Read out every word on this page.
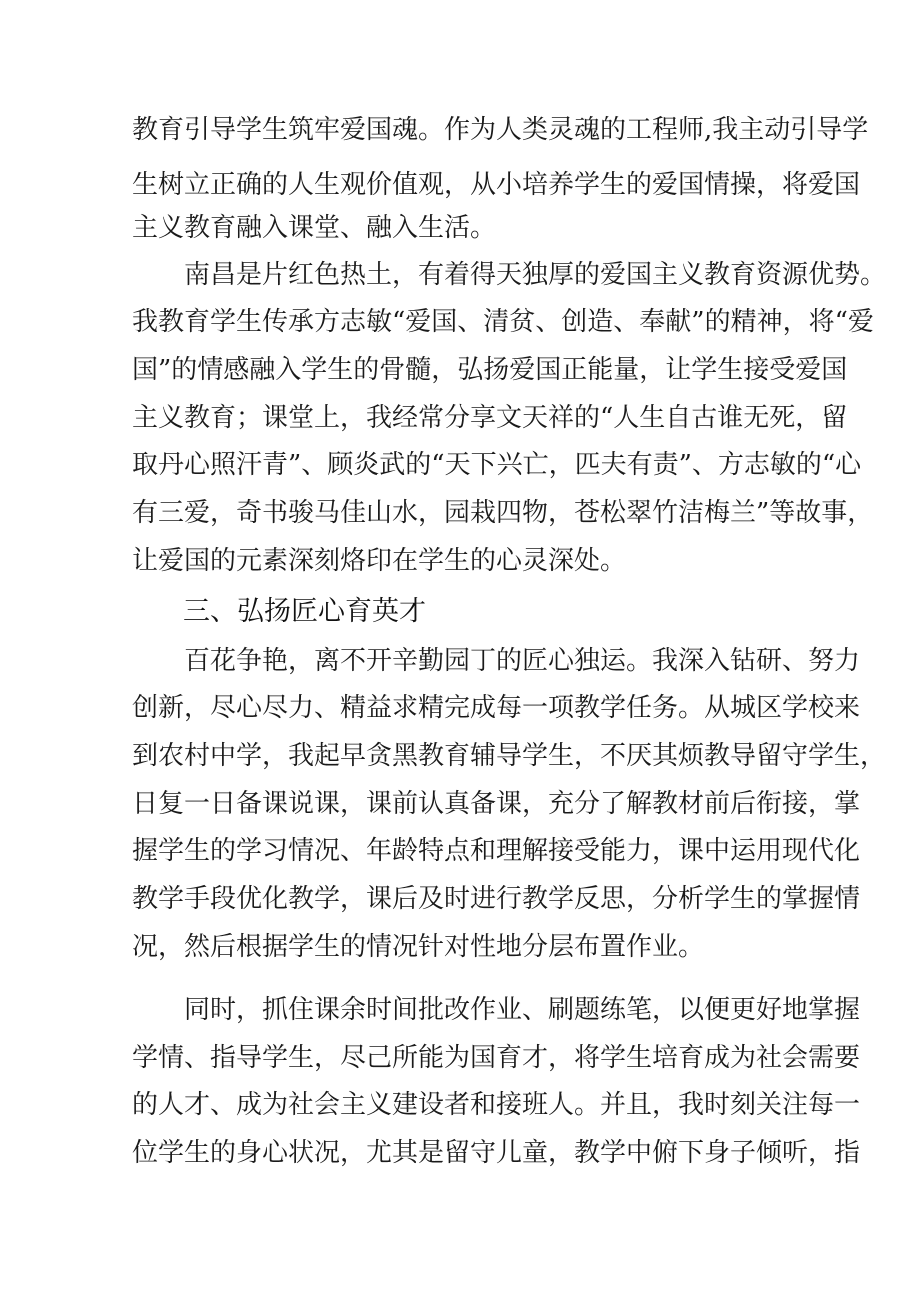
教育引导学生筑牢爱国魂。作为人类灵魂的工程师,我主动引导学
生树立正确的人生观价值观，从小培养学生的爱国情操，将爱国
主义教育融入课堂、融入生活。
南昌是片红色热土，有着得天独厚的爱国主义教育资源优势。
我教育学生传承方志敏“爱国、清贫、创造、奉献”的精神，将“爱
国”的情感融入学生的骨髓，弘扬爱国正能量，让学生接受爱国
主义教育；课堂上，我经常分享文天祥的“人生自古谁无死，留
取丹心照汗青”、顾炎武的“天下兴亡，匹夫有责”、方志敏的“心
有三爱，奇书骏马佳山水，园栽四物，苍松翠竹洁梅兰”等故事，
让爱国的元素深刻烙印在学生的心灵深处。
三、弘扬匠心育英才
百花争艳，离不开辛勤园丁的匠心独运。我深入钻研、努力
创新，尽心尽力、精益求精完成每一项教学任务。从城区学校来
到农村中学，我起早贪黑教育辅导学生，不厌其烦教导留守学生，
日复一日备课说课，课前认真备课，充分了解教材前后衔接，掌
握学生的学习情况、年龄特点和理解接受能力，课中运用现代化
教学手段优化教学，课后及时进行教学反思，分析学生的掌握情
况，然后根据学生的情况针对性地分层布置作业。
同时，抓住课余时间批改作业、刷题练笔，以便更好地掌握
学情、指导学生，尽己所能为国育才，将学生培育成为社会需要
的人才、成为社会主义建设者和接班人。并且，我时刻关注每一
位学生的身心状况，尤其是留守儿童，教学中俯下身子倾听，指
